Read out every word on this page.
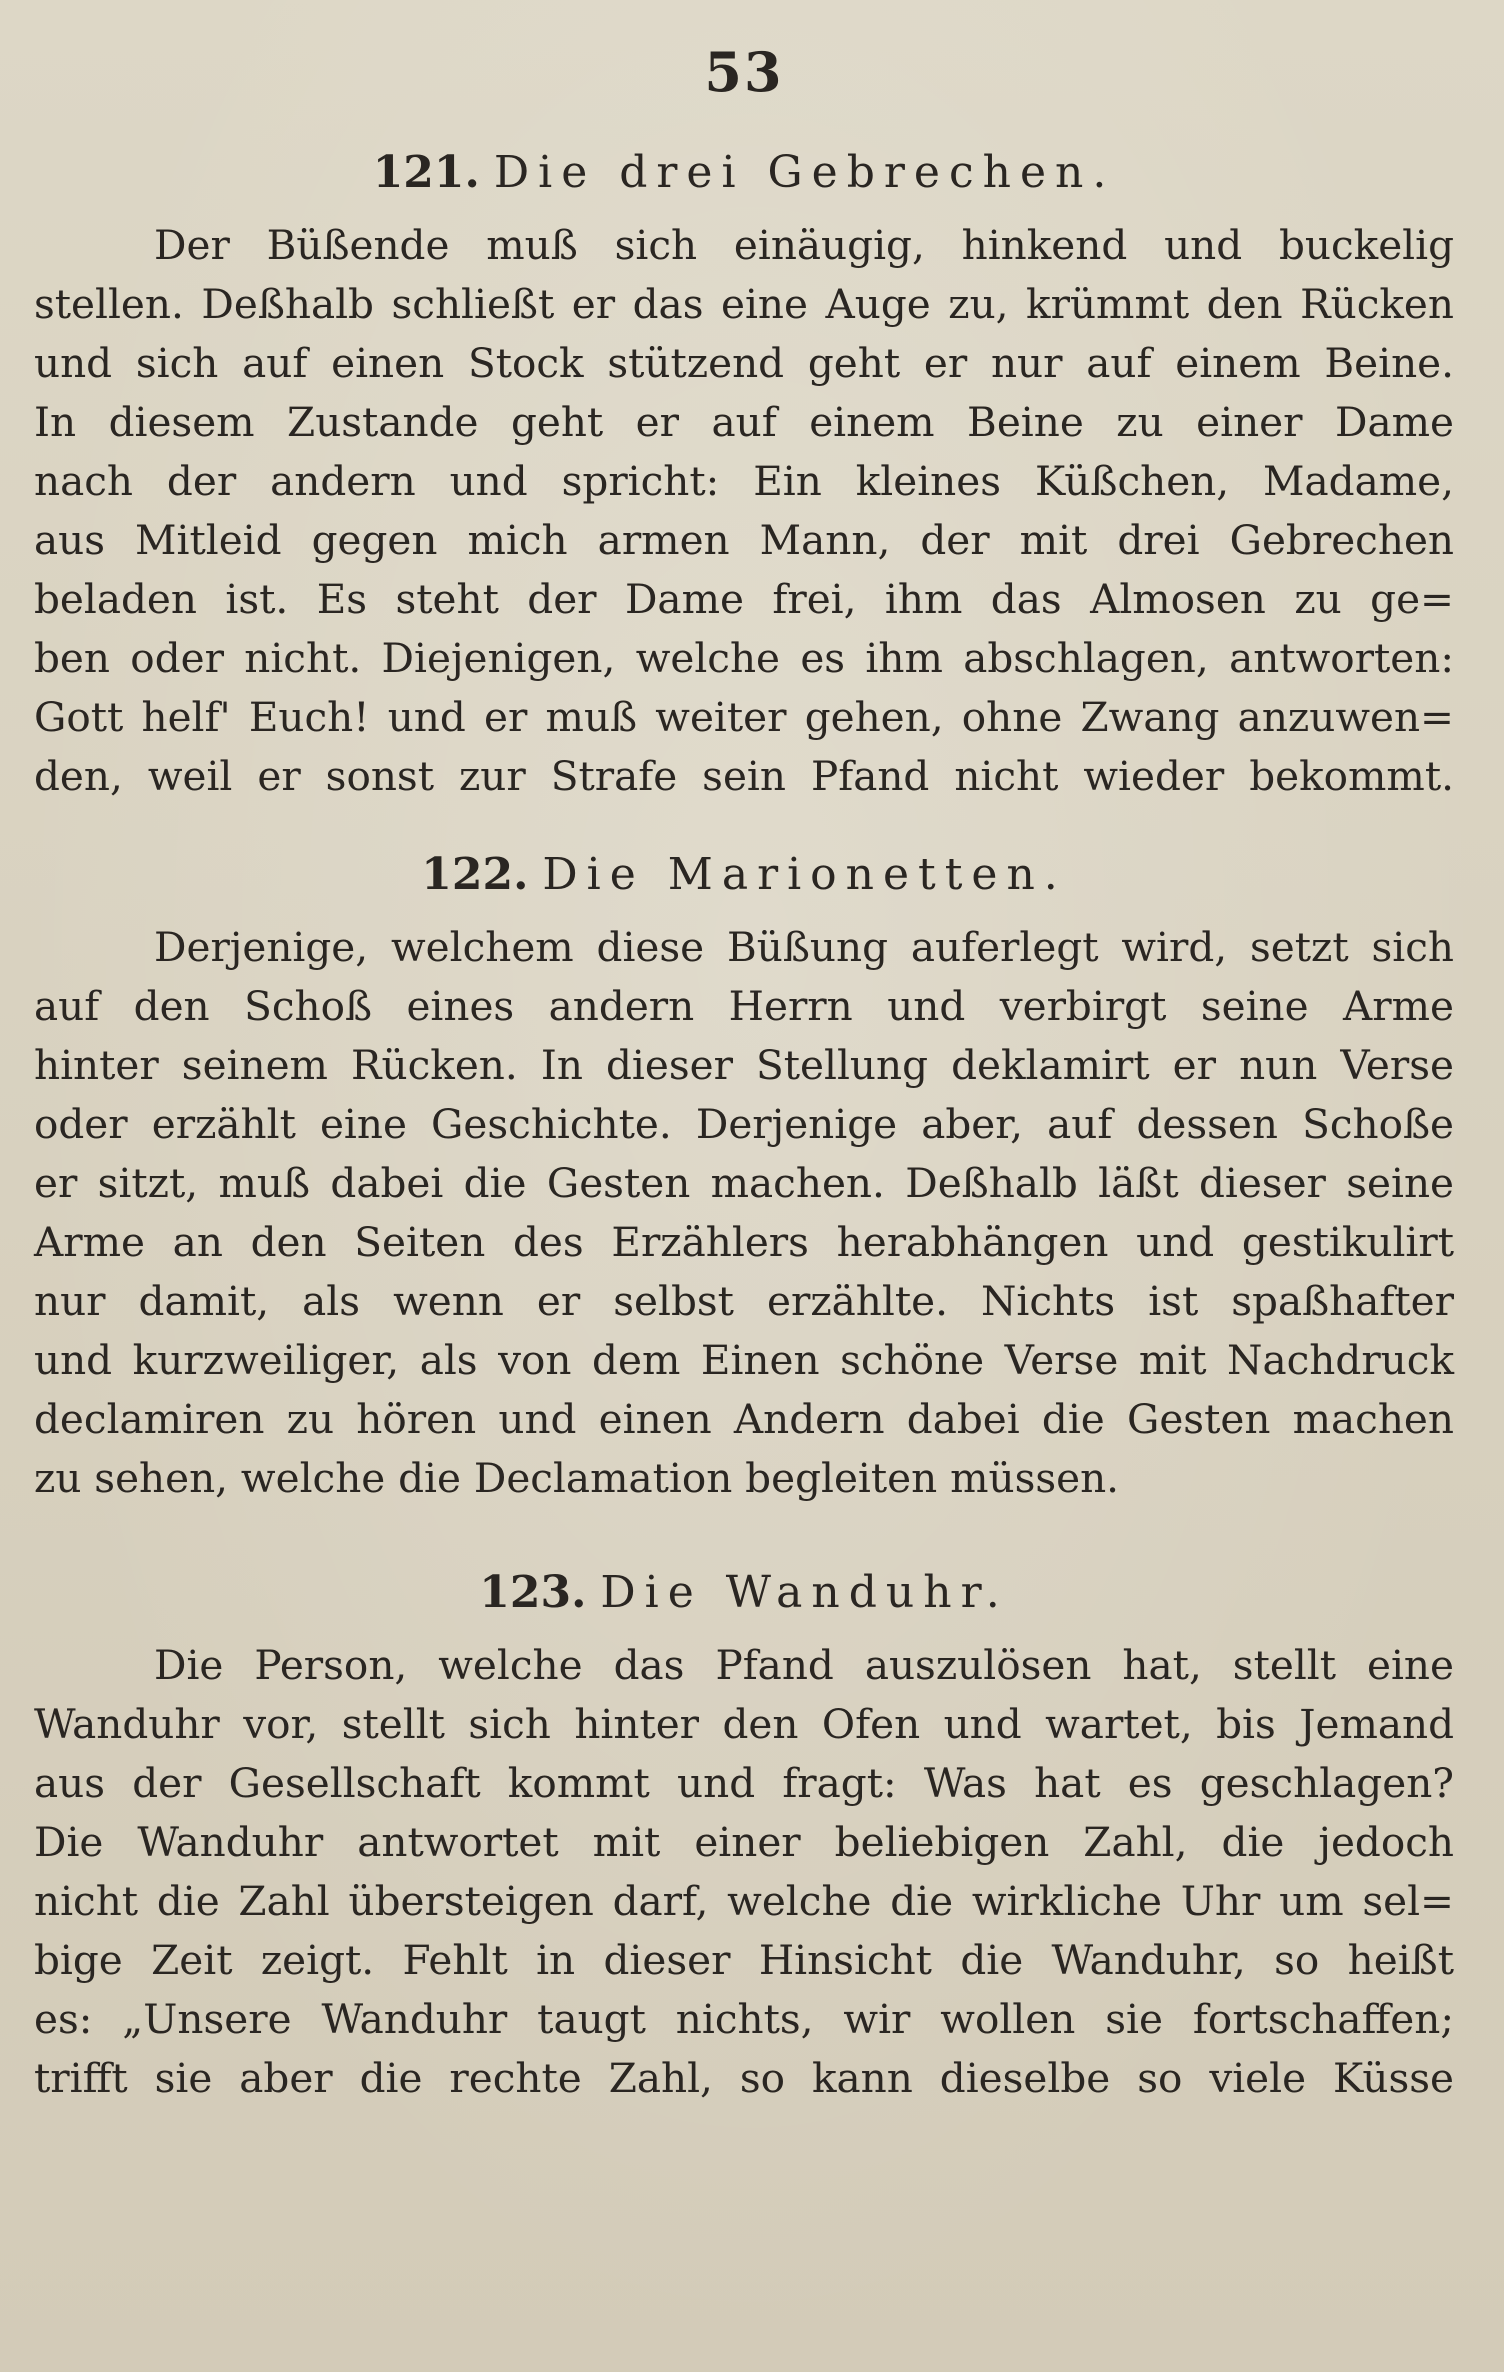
53
121. Die drei Gebrechen.
Der Büßende muß sich einäugig, hinkend und buckelig
stellen. Deßhalb schließt er das eine Auge zu, krümmt den Rücken
und sich auf einen Stock stützend geht er nur auf einem Beine.
In diesem Zustande geht er auf einem Beine zu einer Dame
nach der andern und spricht: Ein kleines Küßchen, Madame,
aus Mitleid gegen mich armen Mann, der mit drei Gebrechen
beladen ist. Es steht der Dame frei, ihm das Almosen zu ge=
ben oder nicht. Diejenigen, welche es ihm abschlagen, antworten:
Gott helf' Euch! und er muß weiter gehen, ohne Zwang anzuwen=
den, weil er sonst zur Strafe sein Pfand nicht wieder bekommt.
122. Die Marionetten.
Derjenige, welchem diese Büßung auferlegt wird, setzt sich
auf den Schoß eines andern Herrn und verbirgt seine Arme
hinter seinem Rücken. In dieser Stellung deklamirt er nun Verse
oder erzählt eine Geschichte. Derjenige aber, auf dessen Schoße
er sitzt, muß dabei die Gesten machen. Deßhalb läßt dieser seine
Arme an den Seiten des Erzählers herabhängen und gestikulirt
nur damit, als wenn er selbst erzählte. Nichts ist spaßhafter
und kurzweiliger, als von dem Einen schöne Verse mit Nachdruck
declamiren zu hören und einen Andern dabei die Gesten machen
zu sehen, welche die Declamation begleiten müssen.
123. Die Wanduhr.
Die Person, welche das Pfand auszulösen hat, stellt eine
Wanduhr vor, stellt sich hinter den Ofen und wartet, bis Jemand
aus der Gesellschaft kommt und fragt: Was hat es geschlagen?
Die Wanduhr antwortet mit einer beliebigen Zahl, die jedoch
nicht die Zahl übersteigen darf, welche die wirkliche Uhr um sel=
bige Zeit zeigt. Fehlt in dieser Hinsicht die Wanduhr, so heißt
es: „Unsere Wanduhr taugt nichts, wir wollen sie fortschaffen;
trifft sie aber die rechte Zahl, so kann dieselbe so viele Küsse
